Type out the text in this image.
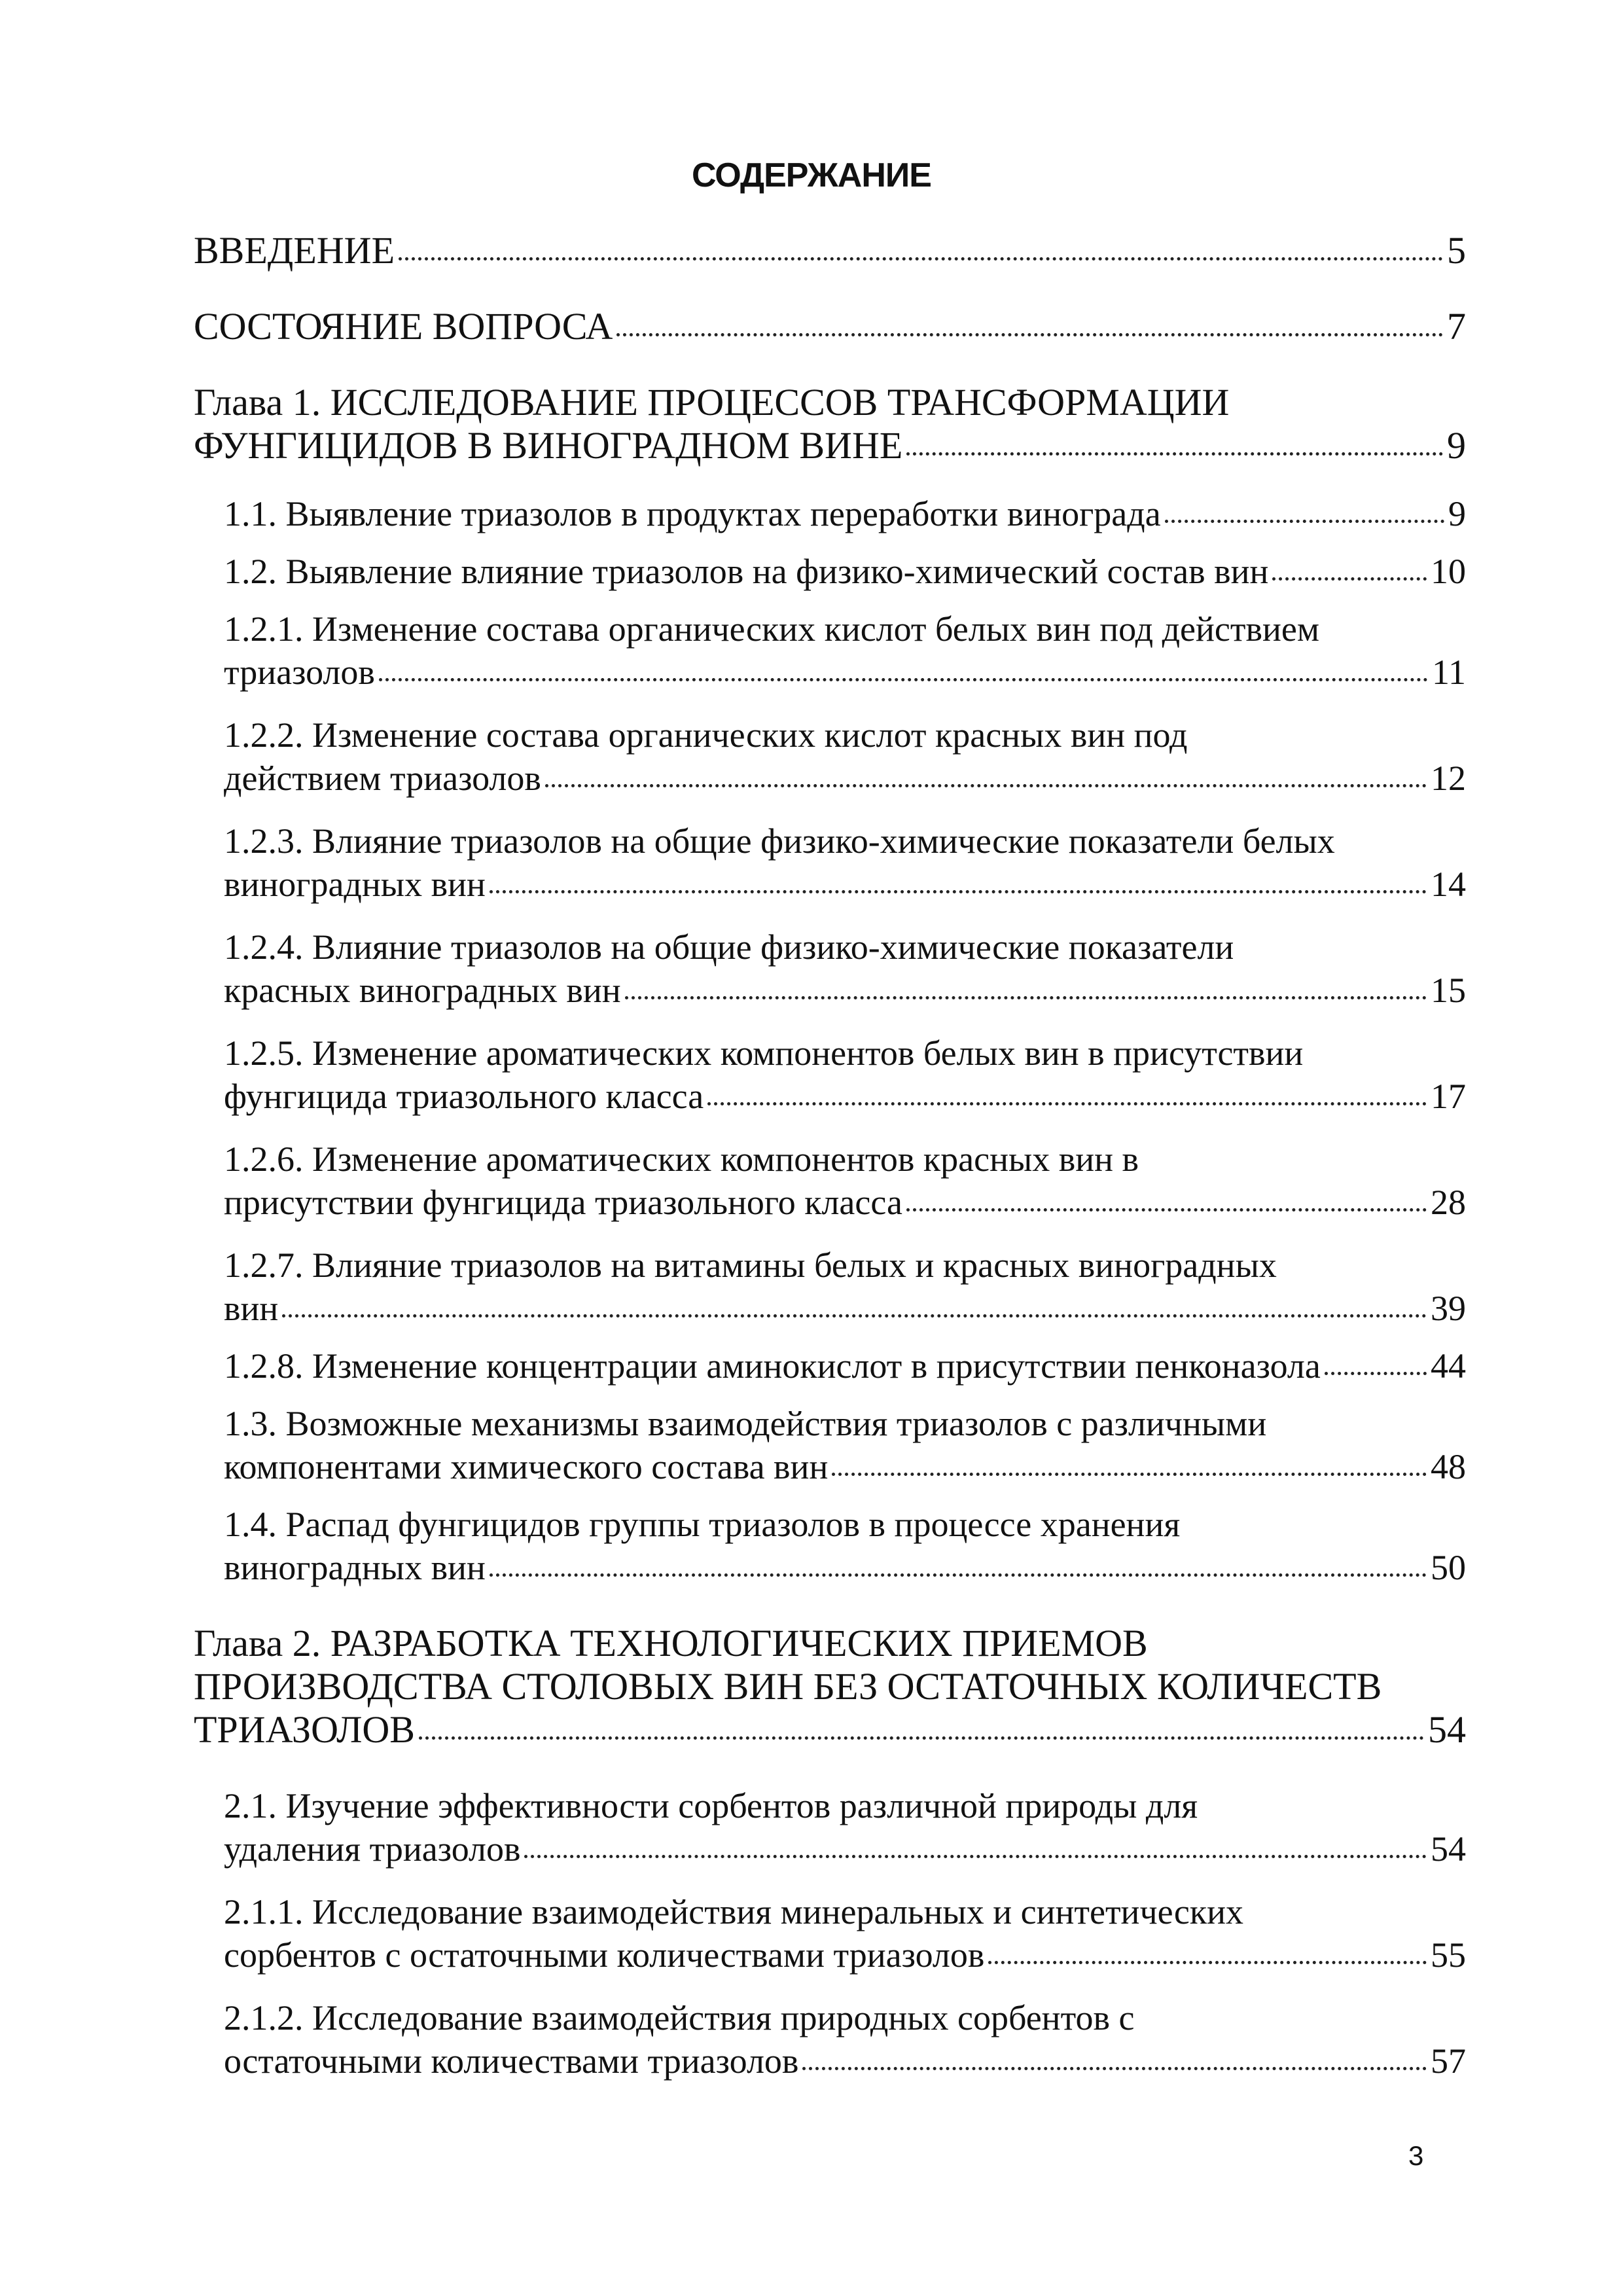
СОДЕРЖАНИЕ
ВВЕДЕНИЕ	5
СОСТОЯНИЕ ВОПРОСА	7
Глава 1. ИССЛЕДОВАНИЕ ПРОЦЕССОВ ТРАНСФОРМАЦИИ
ФУНГИЦИДОВ В ВИНОГРАДНОМ ВИНЕ	9
1.1. Выявление триазолов в продуктах переработки винограда	9
1.2. Выявление влияние триазолов на физико-химический состав вин	10
1.2.1. Изменение состава органических кислот белых вин под действием
триазолов	11
1.2.2. Изменение состава органических кислот красных вин под
действием триазолов	12
1.2.3. Влияние триазолов на общие физико-химические показатели белых
виноградных вин	14
1.2.4. Влияние триазолов на общие физико-химические показатели
красных виноградных вин	15
1.2.5. Изменение ароматических компонентов белых вин в присутствии
фунгицида триазольного класса	17
1.2.6. Изменение ароматических компонентов красных вин в
присутствии фунгицида триазольного класса	28
1.2.7. Влияние триазолов на витамины белых и красных виноградных
вин	39
1.2.8. Изменение концентрации аминокислот в присутствии пенконазола	44
1.3. Возможные механизмы взаимодействия триазолов с различными
компонентами химического состава вин	48
1.4. Распад фунгицидов группы триазолов в процессе хранения
виноградных вин	50
Глава 2. РАЗРАБОТКА ТЕХНОЛОГИЧЕСКИХ ПРИЕМОВ
ПРОИЗВОДСТВА СТОЛОВЫХ ВИН БЕЗ ОСТАТОЧНЫХ КОЛИЧЕСТВ
ТРИАЗОЛОВ	54
2.1. Изучение эффективности сорбентов различной природы для
удаления триазолов	54
2.1.1. Исследование взаимодействия минеральных и синтетических
сорбентов с остаточными количествами триазолов	55
2.1.2. Исследование взаимодействия природных сорбентов с
остаточными количествами триазолов	57
3
